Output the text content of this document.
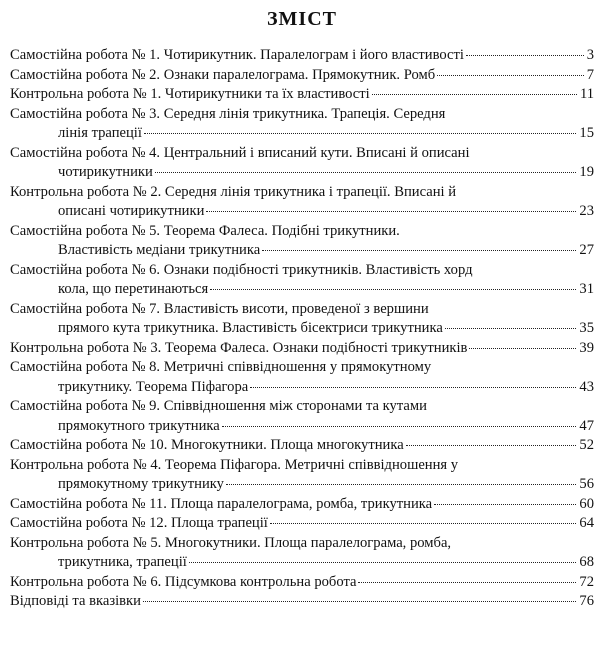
ЗМІСТ
Самостійна робота № 1. Чотирикутник. Паралелограм і його властивості	3
Самостійна робота № 2. Ознаки паралелограма. Прямокутник. Ромб	7
Контрольна робота № 1. Чотирикутники та їх властивості	11
Самостійна робота № 3. Середня лінія трикутника. Трапеція. Середня
лінія трапеції	15
Самостійна робота № 4. Центральний і вписаний кути. Вписані й описані
чотирикутники	19
Контрольна робота № 2. Середня лінія трикутника і трапеції. Вписані й
описані чотирикутники	23
Самостійна робота № 5. Теорема Фалеса. Подібні трикутники.
Властивість медіани трикутника	27
Самостійна робота № 6. Ознаки подібності трикутників. Властивість хорд
кола, що перетинаються	31
Самостійна робота № 7. Властивість висоти, проведеної з вершини
прямого кута трикутника. Властивість бісектриси трикутника	35
Контрольна робота № 3. Теорема Фалеса. Ознаки подібності трикутників	39
Самостійна робота № 8. Метричні співвідношення у прямокутному
трикутнику. Теорема Піфагора	43
Самостійна робота № 9. Співвідношення між сторонами та кутами
прямокутного трикутника	47
Самостійна робота № 10. Многокутники. Площа многокутника	52
Контрольна робота № 4. Теорема Піфагора. Метричні співвідношення у
прямокутному трикутнику	56
Самостійна робота № 11. Площа паралелограма, ромба, трикутника	60
Самостійна робота № 12. Площа трапеції	64
Контрольна робота № 5. Многокутники. Площа паралелограма, ромба,
трикутника, трапеції	68
Контрольна робота № 6. Підсумкова контрольна робота	72
Відповіді та вказівки	76
